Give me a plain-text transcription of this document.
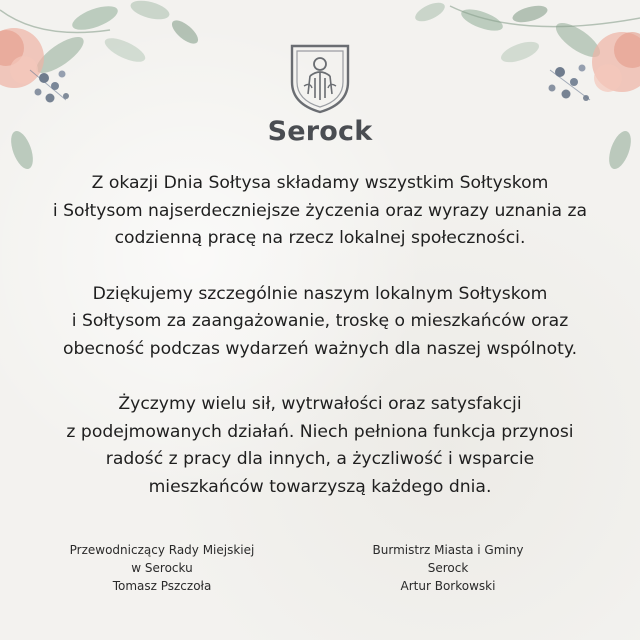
Serock

Z okazji Dnia Sołtysa składamy wszystkim Sołtyskom
i Sołtysom najserdeczniejsze życzenia oraz wyrazy uznania za
codzienną pracę na rzecz lokalnej społeczności.

Dziękujemy szczególnie naszym lokalnym Sołtyskom
i Sołtysom za zaangażowanie, troskę o mieszkańców oraz
obecność podczas wydarzeń ważnych dla naszej wspólnoty.

Życzymy wielu sił, wytrwałości oraz satysfakcji
z podejmowanych działań. Niech pełniona funkcja przynosi
radość z pracy dla innych, a życzliwość i wsparcie
mieszkańców towarzyszą każdego dnia.

Przewodniczący Rady Miejskiej
w Serocku
Tomasz Pszczoła
Burmistrz Miasta i Gminy
Serock
Artur Borkowski
